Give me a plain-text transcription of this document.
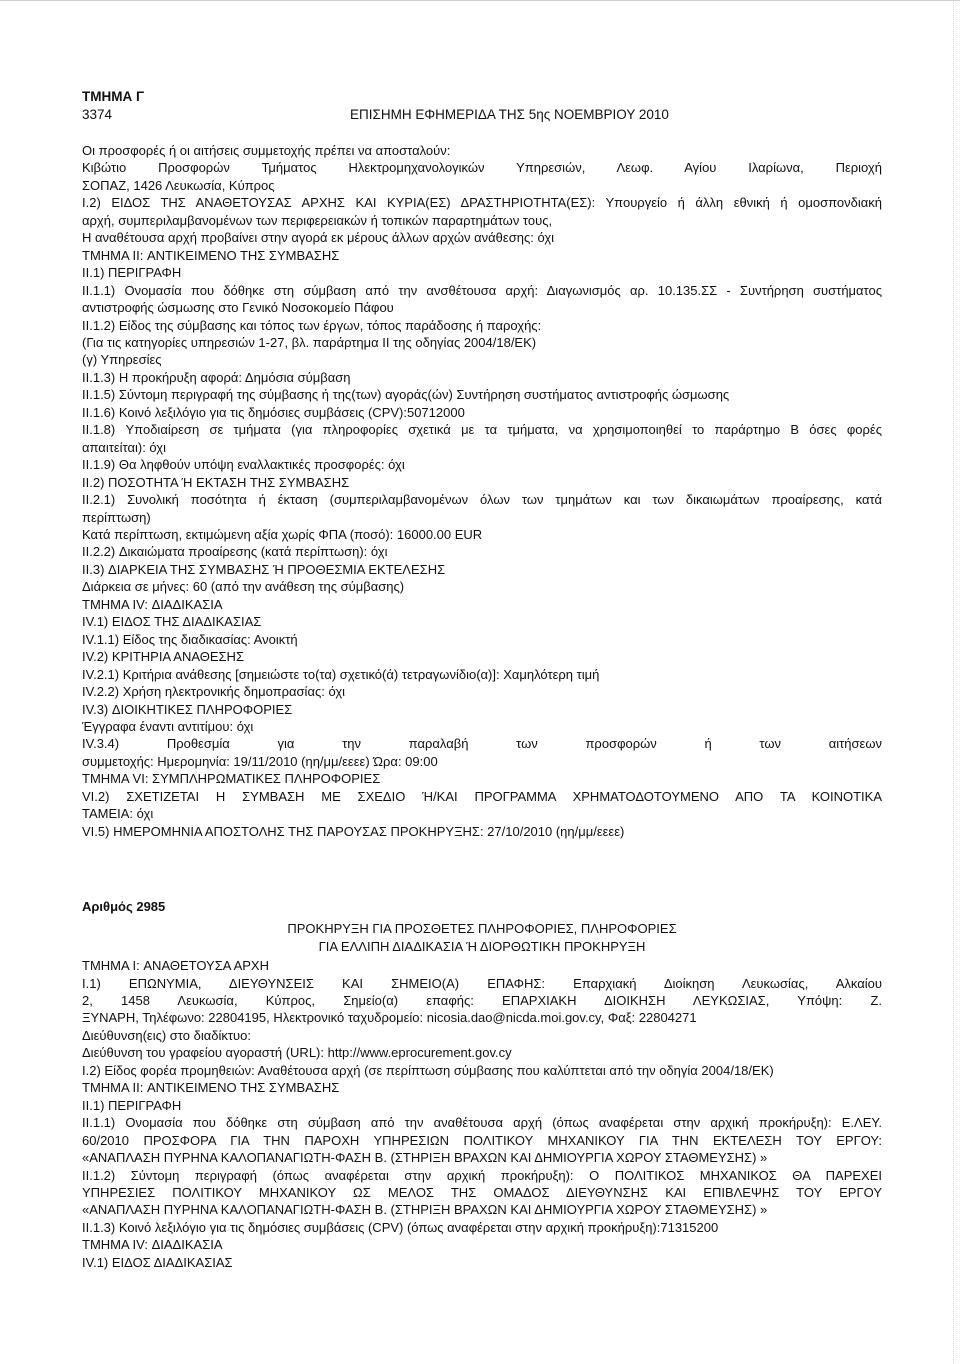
ΤΜΗΜΑ Γ
3374	ΕΠΙΣΗΜΗ ΕΦΗΜΕΡΙΔΑ ΤΗΣ 5ης ΝΟΕΜΒΡΙΟΥ 2010
Οι προσφορές ή οι αιτήσεις συμμετοχής πρέπει να αποσταλούν:
Κιβώτιο Προσφορών Τμήματος Ηλεκτρομηχανολογικών Υπηρεσιών, Λεωφ. Αγίου Ιλαρίωνα, Περιοχή
ΣΟΠΑΖ, 1426 Λευκωσία, Κύπρος
I.2) ΕΙΔΟΣ ΤΗΣ ΑΝΑΘΕΤΟΥΣΑΣ ΑΡΧΗΣ ΚΑΙ ΚΥΡΙΑ(ΕΣ) ΔΡΑΣΤΗΡΙΟΤΗΤΑ(ΕΣ): Υπουργείο ή άλλη εθνική ή ομοσπονδιακή
αρχή, συμπεριλαμβανομένων των περιφερειακών ή τοπικών παραρτημάτων τους,
Η αναθέτουσα αρχή προβαίνει στην αγορά εκ μέρους άλλων αρχών ανάθεσης: όχι
ΤΜΗΜΑ II: ΑΝΤΙΚΕΙΜΕΝΟ ΤΗΣ ΣΥΜΒΑΣΗΣ
II.1) ΠΕΡΙΓΡΑΦΗ
II.1.1) Ονομασία που δόθηκε στη σύμβαση από την ανσθέτουσα αρχή: Διαγωνισμός αρ. 10.135.ΣΣ - Συντήρηση συστήματος
αντιστροφής ώσμωσης στο Γενικό Νοσοκομείο Πάφου
II.1.2) Είδος της σύμβασης και τόπος των έργων, τόπος παράδοσης ή παροχής:
(Για τις κατηγορίες υπηρεσιών 1-27, βλ. παράρτημα II της οδηγίας 2004/18/ΕΚ)
(γ) Υπηρεσίες
II.1.3) Η προκήρυξη αφορά: Δημόσια σύμβαση
II.1.5) Σύντομη περιγραφή της σύμβασης ή της(των) αγοράς(ών) Συντήρηση συστήματος αντιστροφής ώσμωσης
II.1.6) Κοινό λεξιλόγιο για τις δημόσιες συμβάσεις (CPV):50712000
II.1.8) Υποδιαίρεση σε τμήματα (για πληροφορίες σχετικά με τα τμήματα, να χρησιμοποιηθεί το παράρτημο Β όσες φορές
απαιτείται): όχι
II.1.9) Θα ληφθούν υπόψη εναλλακτικές προσφορές: όχι
II.2) ΠΟΣΟΤΗΤΑ Ή ΕΚΤΑΣΗ ΤΗΣ ΣΥΜΒΑΣΗΣ
II.2.1) Συνολική ποσότητα ή έκταση (συμπεριλαμβανομένων όλων των τμημάτων και των δικαιωμάτων προαίρεσης, κατά
περίπτωση)
Κατά περίπτωση, εκτιμώμενη αξία χωρίς ΦΠΑ (ποσό): 16000.00 EUR
II.2.2) Δικαιώματα προαίρεσης (κατά περίπτωση): όχι
II.3) ΔΙΑΡΚΕΙΑ ΤΗΣ ΣΥΜΒΑΣΗΣ Ή ΠΡΟΘΕΣΜΙΑ ΕΚΤΕΛΕΣΗΣ
Διάρκεια σε μήνες: 60 (από την ανάθεση της σύμβασης)
ΤΜΗΜΑ IV: ΔΙΑΔΙΚΑΣΙΑ
IV.1) ΕΙΔΟΣ ΤΗΣ ΔΙΑΔΙΚΑΣΙΑΣ
IV.1.1) Είδος της διαδικασίας: Ανοικτή
IV.2) ΚΡΙΤΗΡΙΑ ΑΝΑΘΕΣΗΣ
IV.2.1) Κριτήρια ανάθεσης [σημειώστε το(τα) σχετικό(ά) τετραγωνίδιο(α)]: Χαμηλότερη τιμή
IV.2.2) Χρήση ηλεκτρονικής δημοπρασίας: όχι
IV.3) ΔΙΟΙΚΗΤΙΚΕΣ ΠΛΗΡΟΦΟΡΙΕΣ
Έγγραφα έναντι αντιτίμου: όχι
IV.3.4) Προθεσμία για την παραλαβή των προσφορών ή των αιτήσεων
συμμετοχής: Ημερομηνία: 19/11/2010 (ηη/μμ/εεεε) Ώρα: 09:00
ΤΜΗΜΑ VI: ΣΥΜΠΛΗΡΩΜΑΤΙΚΕΣ ΠΛΗΡΟΦΟΡΙΕΣ
VI.2) ΣΧΕΤΙΖΕΤΑΙ Η ΣΥΜΒΑΣΗ ΜΕ ΣΧΕΔΙΟ Ή/ΚΑΙ ΠΡΟΓΡΑΜΜΑ ΧΡΗΜΑΤΟΔΟΤΟΥΜΕΝΟ ΑΠΟ ΤΑ ΚΟΙΝΟΤΙΚΑ
ΤΑΜΕΙΑ: όχι
VI.5) ΗΜΕΡΟΜΗΝΙΑ ΑΠΟΣΤΟΛΗΣ ΤΗΣ ΠΑΡΟΥΣΑΣ ΠΡΟΚΗΡΥΞΗΣ: 27/10/2010 (ηη/μμ/εεεε)
Αριθμός 2985
ΠΡΟΚΗΡΥΞΗ ΓΙΑ ΠΡΟΣΘΕΤΕΣ ΠΛΗΡΟΦΟΡΙΕΣ, ΠΛΗΡΟΦΟΡΙΕΣ
ΓΙΑ ΕΛΛΙΠΗ ΔΙΑΔΙΚΑΣΙΑ Ή ΔΙΟΡΘΩΤΙΚΗ ΠΡΟΚΗΡΥΞΗ
ΤΜΗΜΑ I: ΑΝΑΘΕΤΟΥΣΑ ΑΡΧΗ
I.1) ΕΠΩΝΥΜΙΑ, ΔΙΕΥΘΥΝΣΕΙΣ ΚΑΙ ΣΗΜΕΙΟ(Α) ΕΠΑΦΗΣ: Επαρχιακή Διοίκηση Λευκωσίας, Αλκαίου
2, 1458 Λευκωσία, Κύπρος, Σημείο(α) επαφής: ΕΠΑΡΧΙΑΚΗ ΔΙΟΙΚΗΣΗ ΛΕΥΚΩΣΙΑΣ, Υπόψη: Ζ.
ΞΥΝΑΡΗ, Τηλέφωνο: 22804195, Ηλεκτρονικό ταχυδρομείο: nicosia.dao@nicda.moi.gov.cy, Φαξ: 22804271
Διεύθυνση(εις) στο διαδίκτυο:
Διεύθυνση του γραφείου αγοραστή (URL): http://www.eprocurement.gov.cy
I.2) Είδος φορέα προμηθειών: Αναθέτουσα αρχή (σε περίπτωση σύμβασης που καλύπτεται από την οδηγία 2004/18/ΕΚ)
ΤΜΗΜΑ II: ΑΝΤΙΚΕΙΜΕΝΟ ΤΗΣ ΣΥΜΒΑΣΗΣ
II.1) ΠΕΡΙΓΡΑΦΗ
II.1.1) Ονομασία που δόθηκε στη σύμβαση από την αναθέτουσα αρχή (όπως αναφέρεται στην αρχική προκήρυξη): Ε.ΛΕΥ.
60/2010 ΠΡΟΣΦΟΡΑ ΓΙΑ ΤΗΝ ΠΑΡΟΧΗ ΥΠΗΡΕΣΙΩΝ ΠΟΛΙΤΙΚΟΥ ΜΗΧΑΝΙΚΟΥ ΓΙΑ ΤΗΝ ΕΚΤΕΛΕΣΗ ΤΟΥ ΕΡΓΟΥ:
«ΑΝΑΠΛΑΣΗ ΠΥΡΗΝΑ ΚΑΛΟΠΑΝΑΓΙΩΤΗ-ΦΑΣΗ Β. (ΣΤΗΡΙΞΗ ΒΡΑΧΩΝ ΚΑΙ ΔΗΜΙΟΥΡΓΙΑ ΧΩΡΟΥ ΣΤΑΘΜΕΥΣΗΣ) »
II.1.2) Σύντομη περιγραφή (όπως αναφέρεται στην αρχική προκήρυξη): Ο ΠΟΛΙΤΙΚΟΣ ΜΗΧΑΝΙΚΟΣ ΘΑ ΠΑΡΕΧΕΙ
ΥΠΗΡΕΣΙΕΣ ΠΟΛΙΤΙΚΟΥ ΜΗΧΑΝΙΚΟΥ ΩΣ ΜΕΛΟΣ ΤΗΣ ΟΜΑΔΟΣ ΔΙΕΥΘΥΝΣΗΣ ΚΑΙ ΕΠΙΒΛΕΨΗΣ ΤΟΥ ΕΡΓΟΥ
«ΑΝΑΠΛΑΣΗ ΠΥΡΗΝΑ ΚΑΛΟΠΑΝΑΓΙΩΤΗ-ΦΑΣΗ Β. (ΣΤΗΡΙΞΗ ΒΡΑΧΩΝ ΚΑΙ ΔΗΜΙΟΥΡΓΙΑ ΧΩΡΟΥ ΣΤΑΘΜΕΥΣΗΣ) »
II.1.3) Κοινό λεξιλόγιο για τις δημόσιες συμβάσεις (CPV) (όπως αναφέρεται στην αρχική προκήρυξη):71315200
ΤΜΗΜΑ IV: ΔΙΑΔΙΚΑΣΙΑ
IV.1) ΕΙΔΟΣ ΔΙΑΔΙΚΑΣΙΑΣ
